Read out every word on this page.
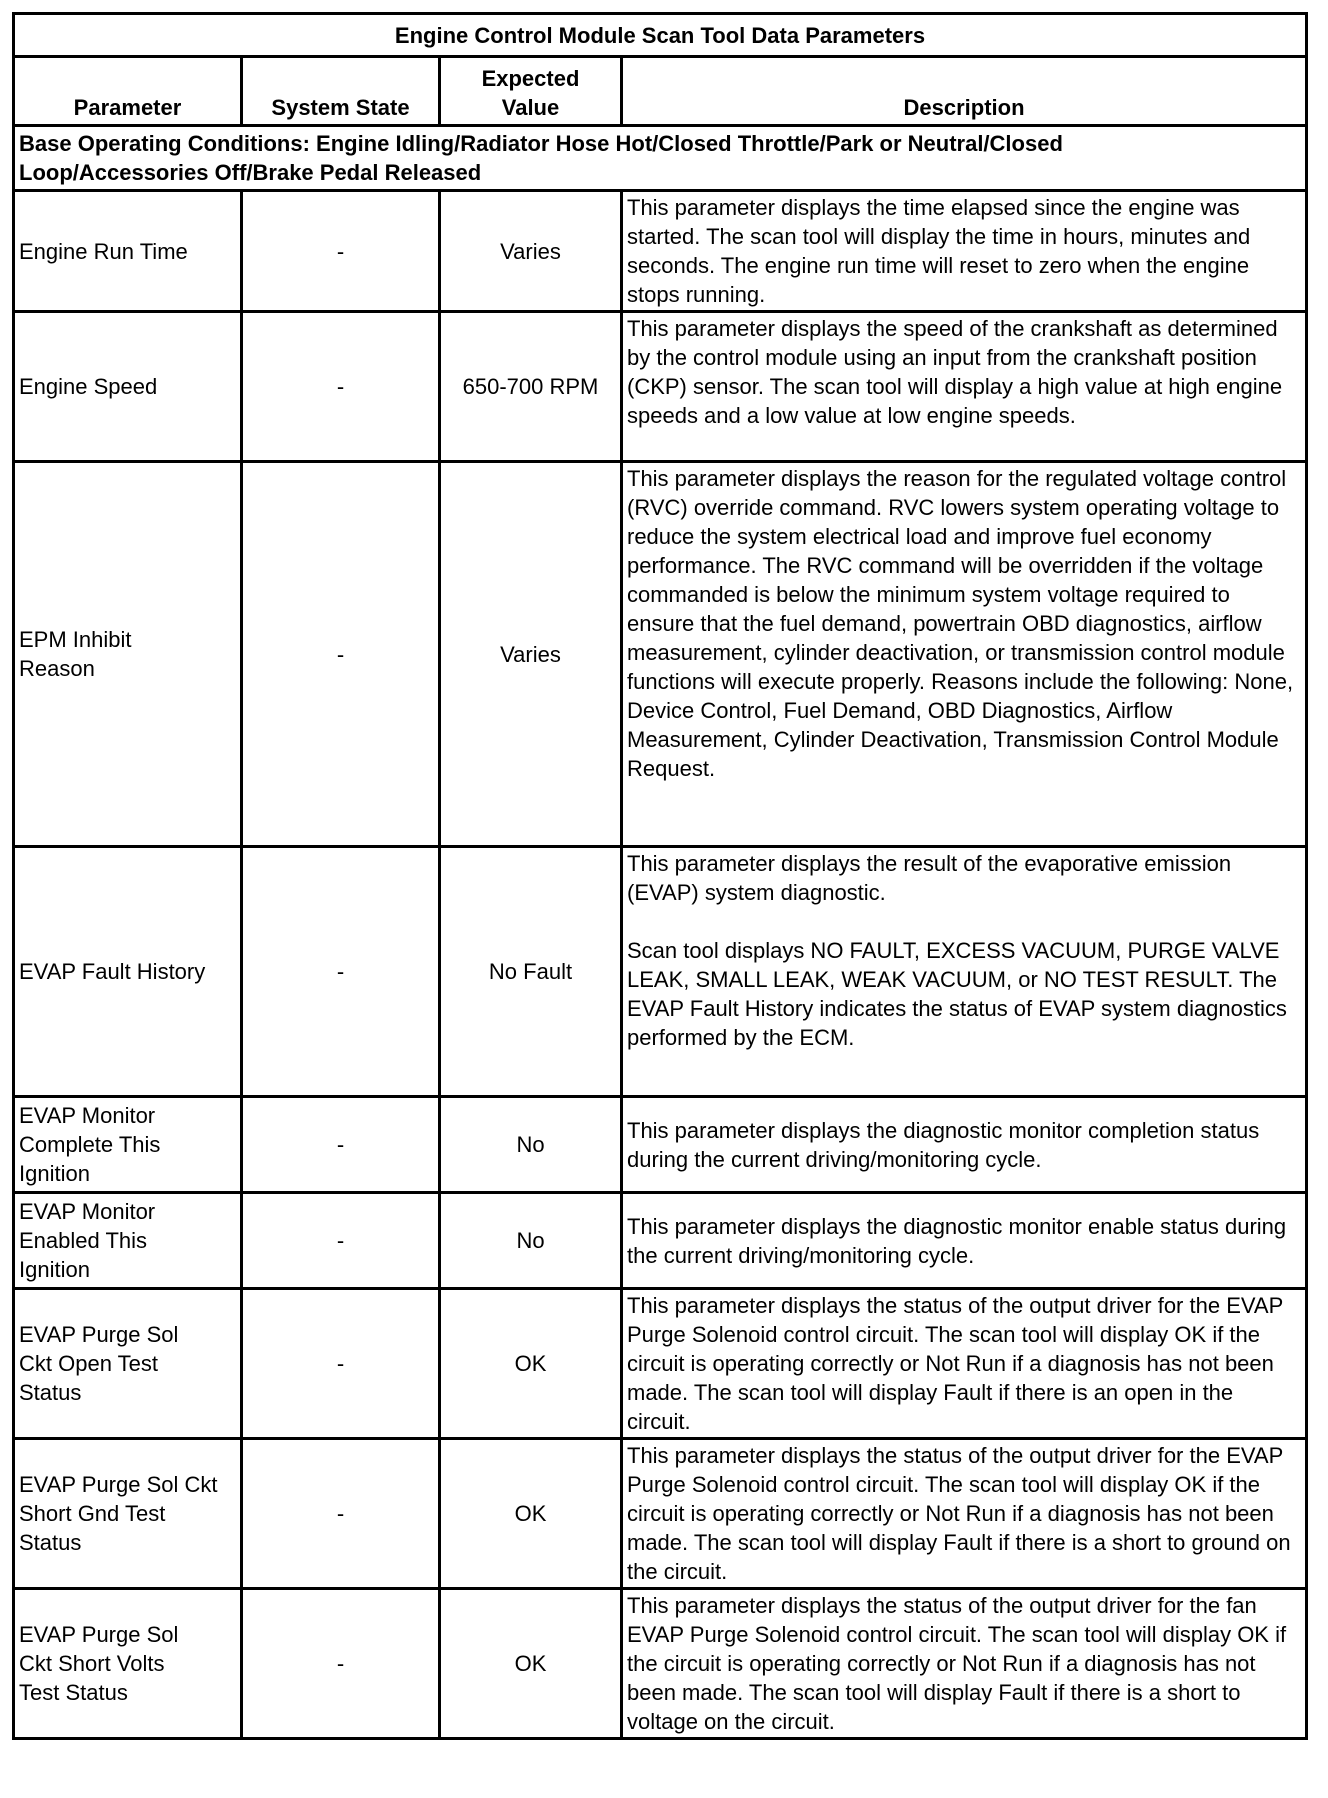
Engine Control Module Scan Tool Data Parameters			
Parameter	System State	Expected Value	Description
Base Operating Conditions: Engine Idling/Radiator Hose Hot/Closed Throttle/Park or Neutral/Closed Loop/Accessories Off/Brake Pedal Released			
Engine Run Time	-	Varies	This parameter displays the time elapsed since the engine was started. The scan tool will display the time in hours, minutes and seconds. The engine run time will reset to zero when the engine stops running.
Engine Speed	-	650-700 RPM	This parameter displays the speed of the crankshaft as determined by the control module using an input from the crankshaft position (CKP) sensor. The scan tool will display a high value at high engine speeds and a low value at low engine speeds.
EPM Inhibit Reason	-	Varies	This parameter displays the reason for the regulated voltage control (RVC) override command. RVC lowers system operating voltage to reduce the system electrical load and improve fuel economy performance. The RVC command will be overridden if the voltage commanded is below the minimum system voltage required to ensure that the fuel demand, powertrain OBD diagnostics, airflow measurement, cylinder deactivation, or transmission control module functions will execute properly. Reasons include the following: None, Device Control, Fuel Demand, OBD Diagnostics, Airflow Measurement, Cylinder Deactivation, Transmission Control Module Request.
EVAP Fault History	-	No Fault	This parameter displays the result of the evaporative emission (EVAP) system diagnostic.
Scan tool displays NO FAULT, EXCESS VACUUM, PURGE VALVE LEAK, SMALL LEAK, WEAK VACUUM, or NO TEST RESULT. The EVAP Fault History indicates the status of EVAP system diagnostics performed by the ECM.

EVAP Monitor Complete This Ignition	-	No	This parameter displays the diagnostic monitor completion status during the current driving/monitoring cycle.
EVAP Monitor Enabled This Ignition	-	No	This parameter displays the diagnostic monitor enable status during the current driving/monitoring cycle.
EVAP Purge Sol Ckt Open Test Status	-	OK	This parameter displays the status of the output driver for the EVAP Purge Solenoid control circuit. The scan tool will display OK if the circuit is operating correctly or Not Run if a diagnosis has not been made. The scan tool will display Fault if there is an open in the circuit.
EVAP Purge Sol Ckt Short Gnd Test Status	-	OK	This parameter displays the status of the output driver for the EVAP Purge Solenoid control circuit. The scan tool will display OK if the circuit is operating correctly or Not Run if a diagnosis has not been made. The scan tool will display Fault if there is a short to ground on the circuit.
EVAP Purge Sol Ckt Short Volts Test Status	-	OK	This parameter displays the status of the output driver for the fan EVAP Purge Solenoid control circuit. The scan tool will display OK if the circuit is operating correctly or Not Run if a diagnosis has not been made. The scan tool will display Fault if there is a short to voltage on the circuit.
